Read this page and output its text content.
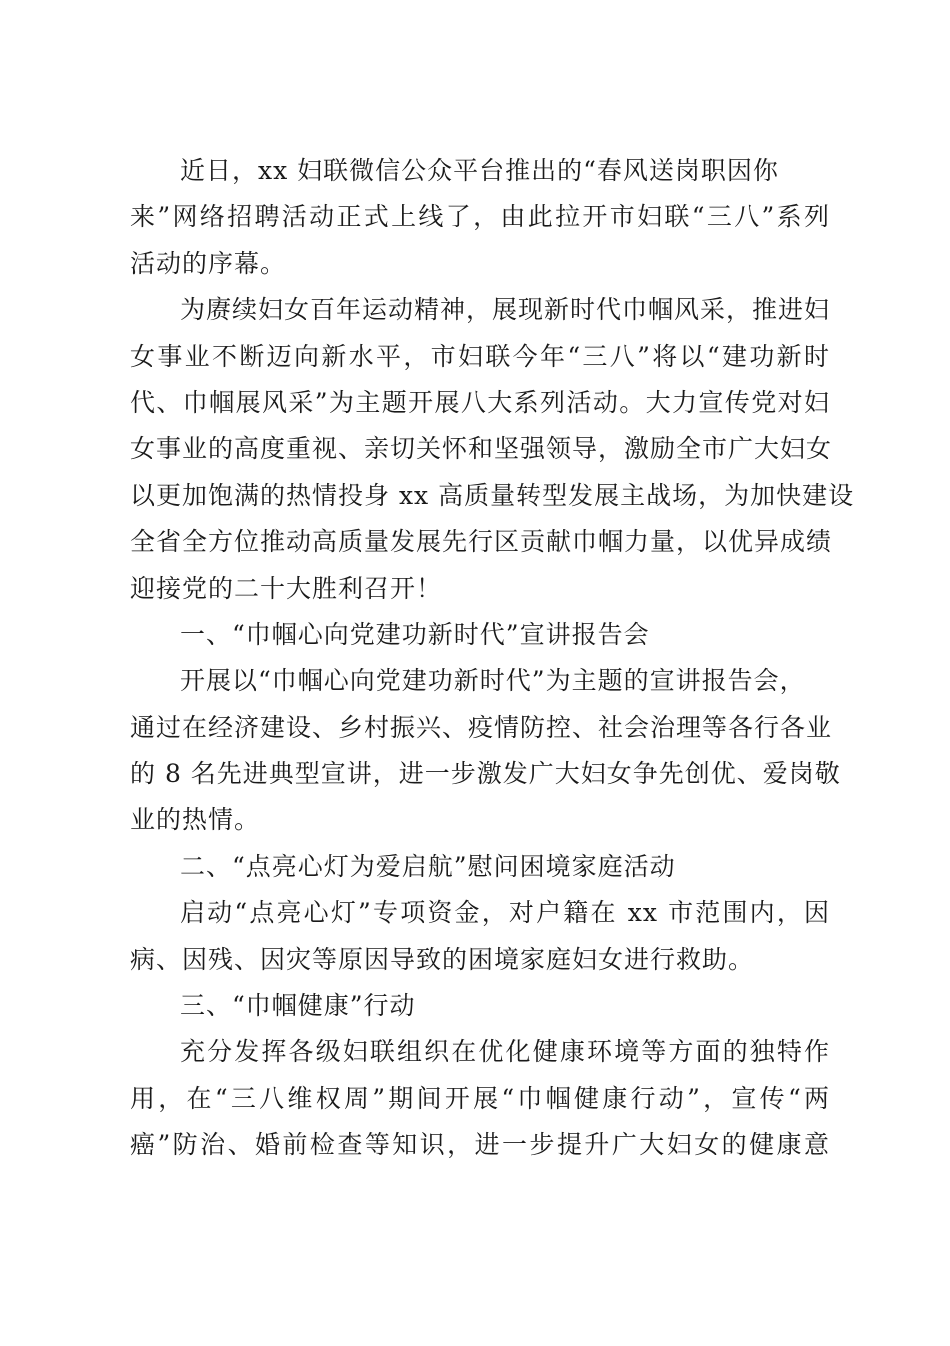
近日，xx 妇联微信公众平台推出的“春风送岗职因你
来”网络招聘活动正式上线了，由此拉开市妇联“三八”系列
活动的序幕。
为赓续妇女百年运动精神，展现新时代巾帼风采，推进妇
女事业不断迈向新水平，市妇联今年“三八”将以“建功新时
代、巾帼展风采”为主题开展八大系列活动。大力宣传党对妇
女事业的高度重视、亲切关怀和坚强领导，激励全市广大妇女
以更加饱满的热情投身 xx 高质量转型发展主战场，为加快建设
全省全方位推动高质量发展先行区贡献巾帼力量，以优异成绩
迎接党的二十大胜利召开！
一、“巾帼心向党建功新时代”宣讲报告会
开展以“巾帼心向党建功新时代”为主题的宣讲报告会，
通过在经济建设、乡村振兴、疫情防控、社会治理等各行各业
的 8 名先进典型宣讲，进一步激发广大妇女争先创优、爱岗敬
业的热情。
二、“点亮心灯为爱启航”慰问困境家庭活动
启动“点亮心灯”专项资金，对户籍在 xx 市范围内，因
病、因残、因灾等原因导致的困境家庭妇女进行救助。
三、“巾帼健康”行动
充分发挥各级妇联组织在优化健康环境等方面的独特作
用，在“三八维权周”期间开展“巾帼健康行动”，宣传“两
癌”防治、婚前检查等知识，进一步提升广大妇女的健康意
